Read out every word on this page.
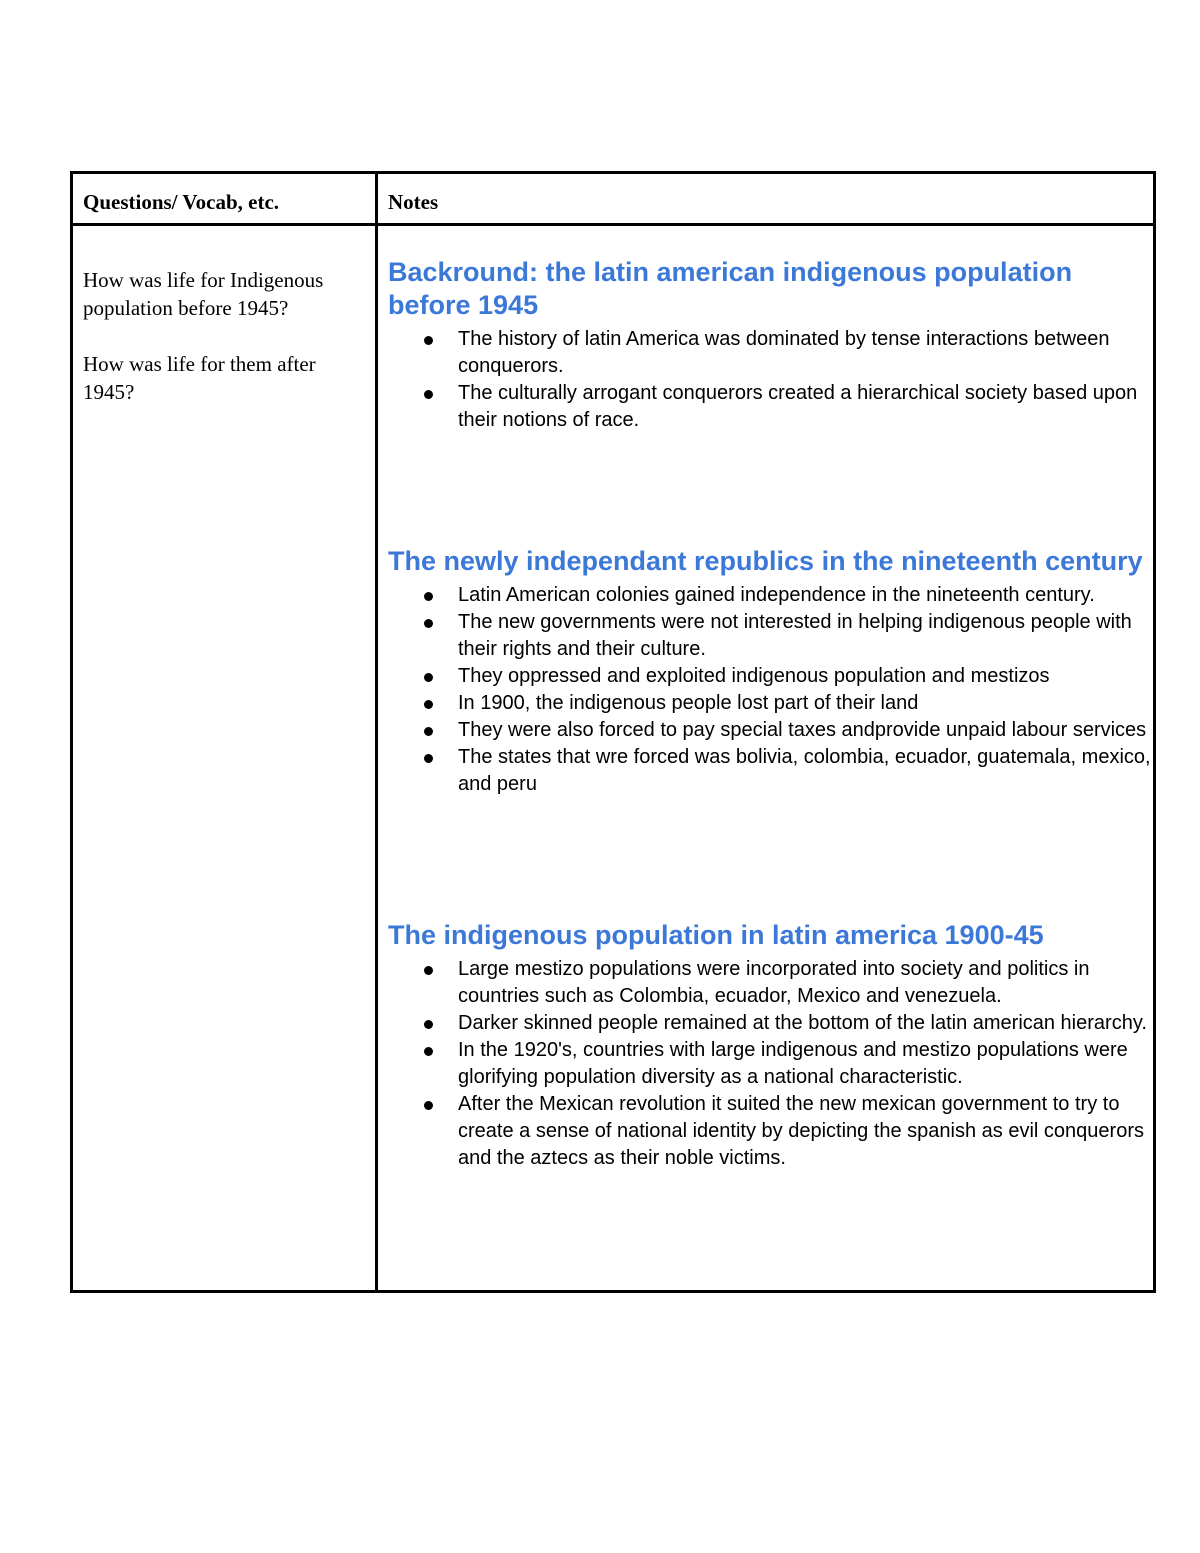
Questions/ Vocab, etc.	Notes

How was life for Indigenous population before 1945?

How was life for them after 1945?

Backround: the latin american indigenous population before 1945
The history of latin America was dominated by tense interactions between conquerors.
The culturally arrogant conquerors created a hierarchical society based upon their notions of race.
The newly independant republics in the nineteenth century
Latin American colonies gained independence in the nineteenth century.
The new governments were not interested in helping indigenous people with their rights and their culture.
They oppressed and exploited indigenous population and mestizos
In 1900, the indigenous people lost part of their land
They were also forced to pay special taxes andprovide unpaid labour services
The states that wre forced was bolivia, colombia, ecuador, guatemala, mexico, and peru
The indigenous population in latin america 1900-45
Large mestizo populations were incorporated into society and politics in countries such as Colombia, ecuador, Mexico and venezuela.
Darker skinned people remained at the bottom of the latin american hierarchy.
In the 1920's, countries with large indigenous and mestizo populations were glorifying population diversity as a national characteristic.
After the Mexican revolution it suited the new mexican government to try to create a sense of national identity by depicting the spanish as evil conquerors and the aztecs as their noble victims.
